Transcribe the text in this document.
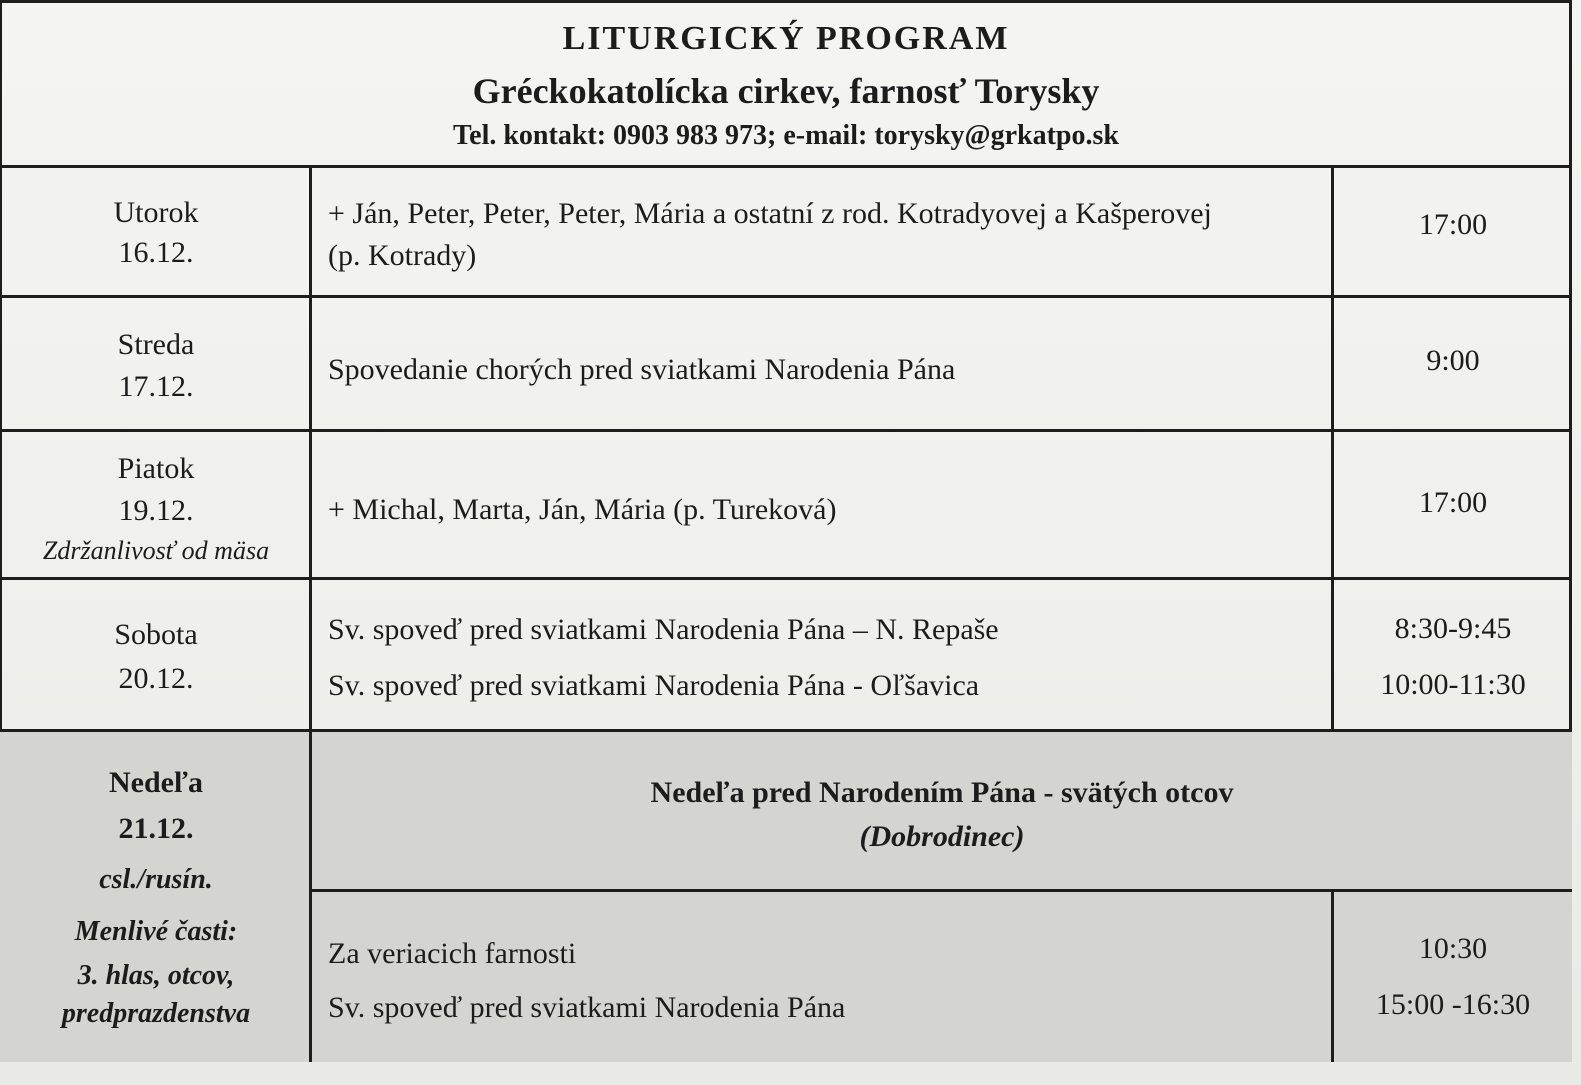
LITURGICKÝ PROGRAM
Gréckokatolícka cirkev, farnosť Torysky
Tel. kontakt: 0903 983 973; e-mail: torysky@grkatpo.sk
Utorok
16.12.
+ Ján, Peter, Peter, Peter, Mária a ostatní z rod. Kotradyovej a Kašperovej
(p. Kotrady)
17:00
Streda
17.12.
Spovedanie chorých pred sviatkami Narodenia Pána	9:00
Piatok
19.12.
Zdržanlivosť od mäsa
+ Michal, Marta, Ján, Mária (p. Tureková)	17:00
Sobota
20.12.
Sv. spoveď pred sviatkami Narodenia Pána – N. Repaše
Sv. spoveď pred sviatkami Narodenia Pána - Oľšavica
8:30-9:45
10:00-11:30
Nedeľa
21.12.
csl./rusín.
Menlivé časti:
3. hlas, otcov,
predprazdenstva
Nedeľa pred Narodením Pána - svätých otcov
(Dobrodinec)
Za veriacich farnosti
Sv. spoveď pred sviatkami Narodenia Pána
10:30
15:00 -16:30
